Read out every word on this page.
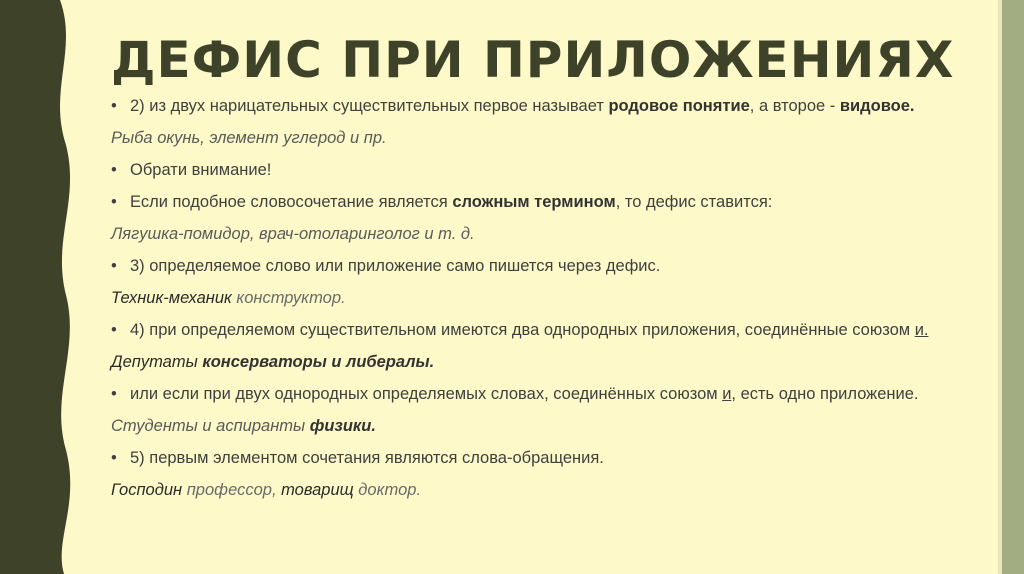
ДЕФИС ПРИ ПРИЛОЖЕНИЯХ
• 2) из двух нарицательных существительных первое называет родовое понятие, а второе - видовое.
Рыба окунь, элемент углерод и пр.
• Обрати внимание!
• Если подобное словосочетание является сложным термином, то дефис ставится:
Лягушка-помидор, врач-отоларинголог и т. д.
• 3) определяемое слово или приложение само пишется через дефис.
Техник-механик конструктор.
• 4) при определяемом существительном имеются два однородных приложения, соединённые союзом и.
Депутаты консерваторы и либералы.
• или если при двух однородных определяемых словах, соединённых союзом и, есть одно приложение.
Студенты и аспиранты физики.
• 5) первым элементом сочетания являются слова-обращения.
Господин профессор, товарищ доктор.
